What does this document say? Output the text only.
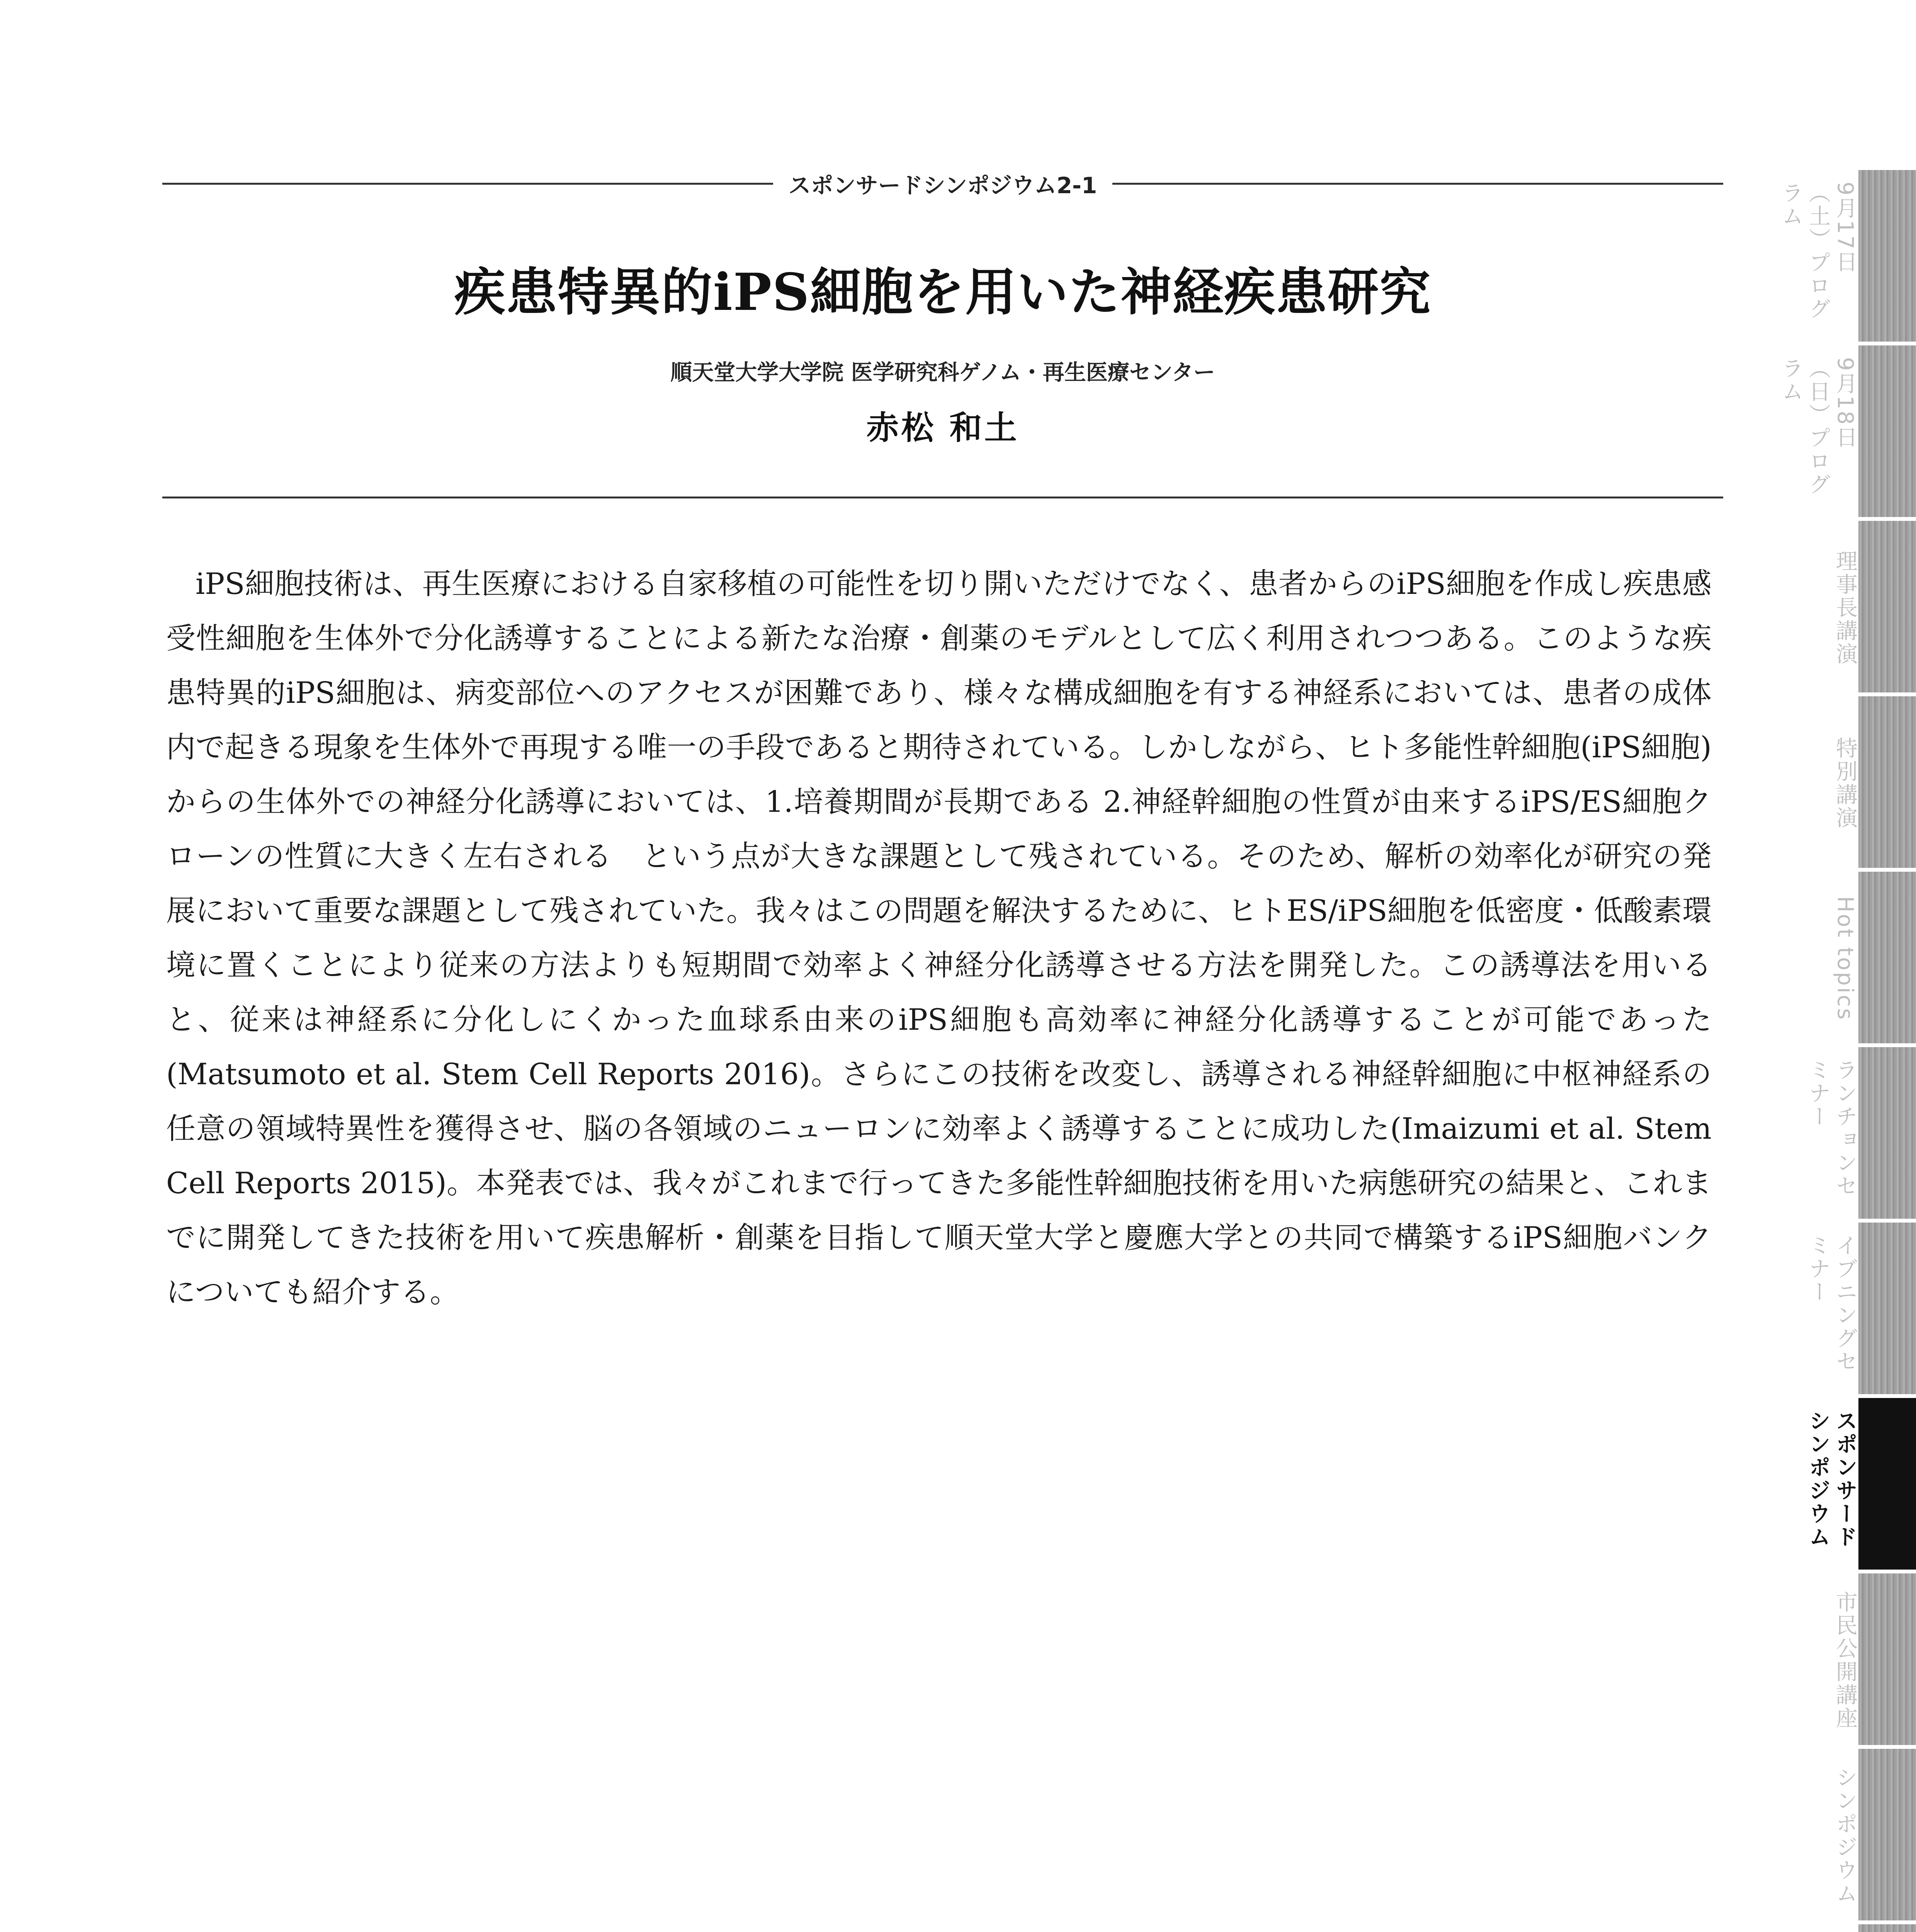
スポンサードシンポジウム2-1
疾患特異的iPS細胞を用いた神経疾患研究
順天堂大学大学院 医学研究科ゲノム・再生医療センター
赤松 和土
iPS細胞技術は、再生医療における自家移植の可能性を切り開いただけでなく、患者からのiPS細胞を作成し疾患感受性細胞を生体外で分化誘導することによる新たな治療・創薬のモデルとして広く利用されつつある。このような疾患特異的iPS細胞は、病変部位へのアクセスが困難であり、様々な構成細胞を有する神経系においては、患者の成体内で起きる現象を生体外で再現する唯一の手段であると期待されている。しかしながら、ヒト多能性幹細胞(iPS細胞)からの生体外での神経分化誘導においては、1.培養期間が長期である 2.神経幹細胞の性質が由来するiPS/ES細胞クローンの性質に大きく左右される　という点が大きな課題として残されている。そのため、解析の効率化が研究の発展において重要な課題として残されていた。我々はこの問題を解決するために、ヒトES/iPS細胞を低密度・低酸素環境に置くことにより従来の方法よりも短期間で効率よく神経分化誘導させる方法を開発した。この誘導法を用いると、従来は神経系に分化しにくかった血球系由来のiPS細胞も高効率に神経分化誘導することが可能であった(Matsumoto et al. Stem Cell Reports 2016)。さらにこの技術を改変し、誘導される神経幹細胞に中枢神経系の任意の領域特異性を獲得させ、脳の各領域のニューロンに効率よく誘導することに成功した(Imaizumi et al. Stem Cell Reports 2015)。本発表では、我々がこれまで行ってきた多能性幹細胞技術を用いた病態研究の結果と、これまでに開発してきた技術を用いて疾患解析・創薬を目指して順天堂大学と慶應大学との共同で構築するiPS細胞バンクについても紹介する。
9月17日（土）プログラム
9月18日（日）プログラム
理事長講演
特別講演
Hot topics
ランチョンセミナー
イブニングセミナー
スポンサードシンポジウム
市民公開講座
シンポジウム
